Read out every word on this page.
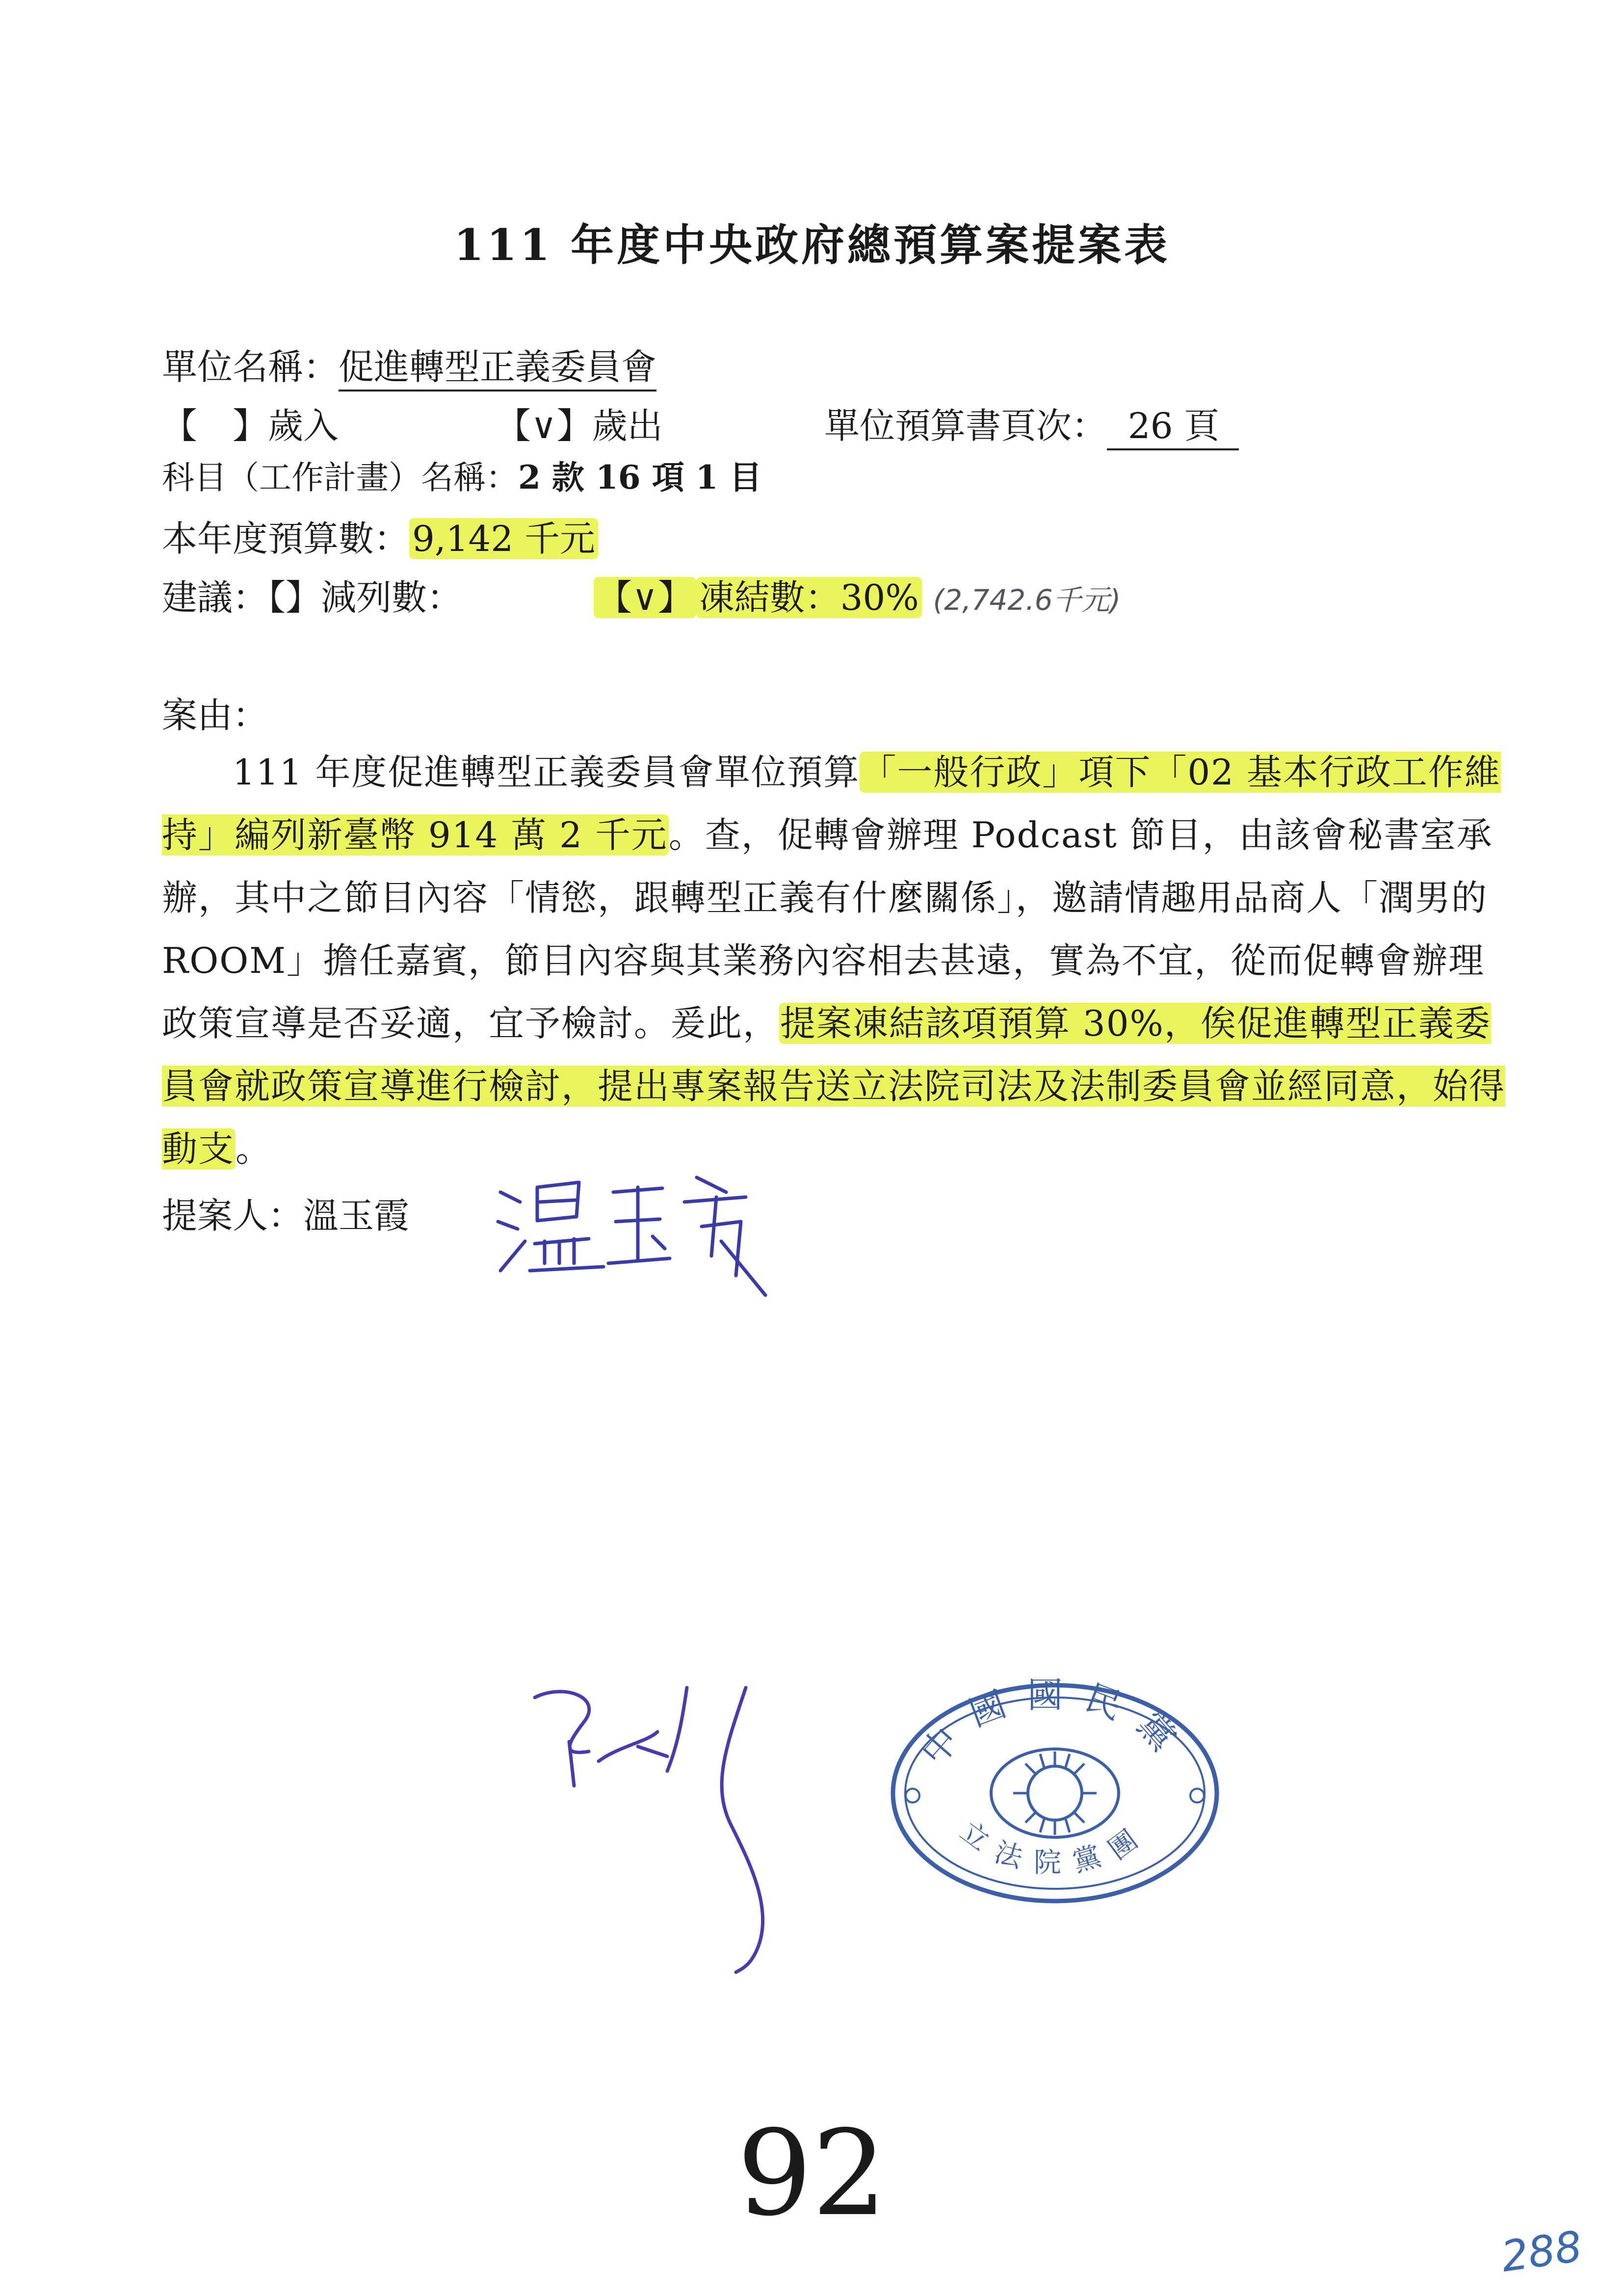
111 年度中央政府總預算案提案表
單位名稱：促進轉型正義委員會
【　】歲入	【∨】歲出	單位預算書頁次： 26 頁
科目（工作計畫）名稱：2 款 16 項 1 目
本年度預算數：9,142 千元
建議：【】減列數：	【∨】 凍結數：30% (2,742.6千元)
案由：
111 年度促進轉型正義委員會單位預算「一般行政」項下「02 基本行政工作維持」編列新臺幣 914 萬 2 千元。查，促轉會辦理 Podcast 節目，由該會秘書室承辦，其中之節目內容「情慾，跟轉型正義有什麼關係」，邀請情趣用品商人「潤男的 ROOM」擔任嘉賓，節目內容與其業務內容相去甚遠，實為不宜，從而促轉會辦理政策宣導是否妥適，宜予檢討。爰此，提案凍結該項預算 30%，俟促進轉型正義委員會就政策宣導進行檢討，提出專案報告送立法院司法及法制委員會並經同意，始得動支。
提案人：溫玉霞
中國國民黨
立法院黨團
92
288
